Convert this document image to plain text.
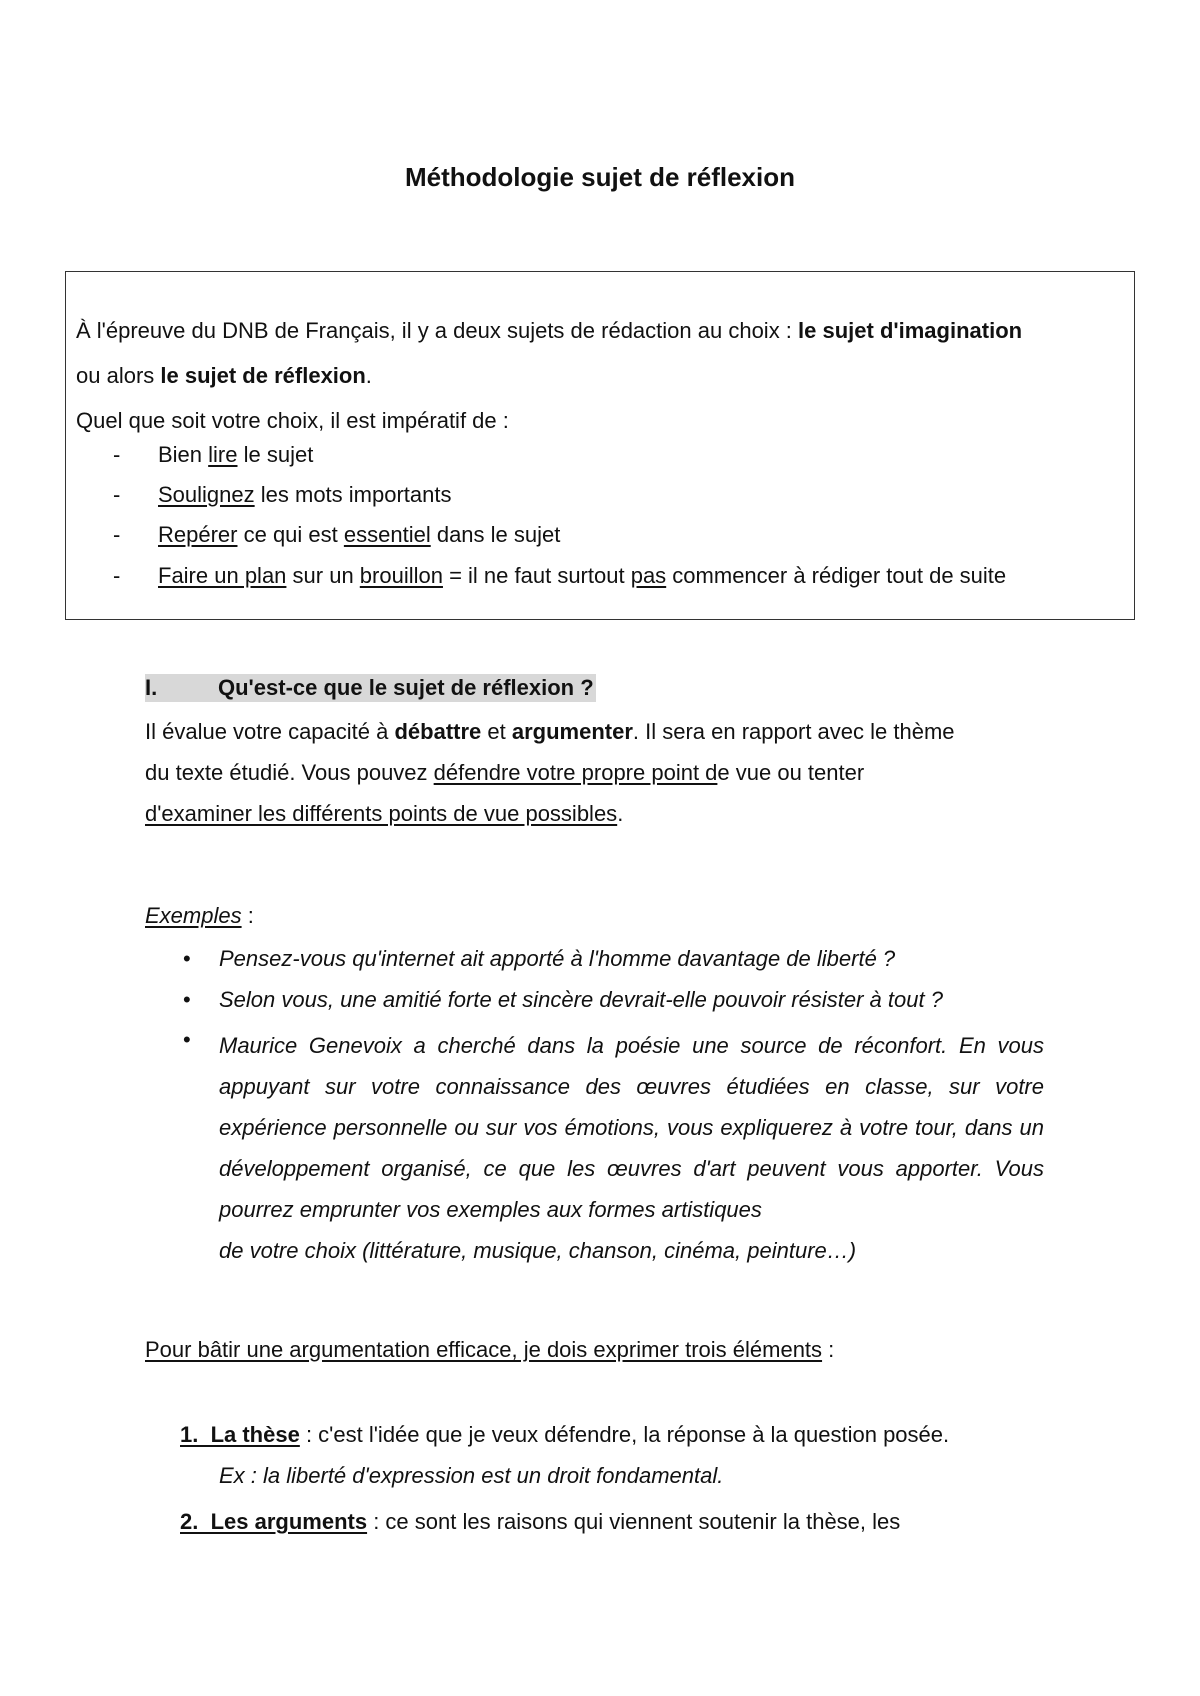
Méthodologie sujet de réflexion

À l'épreuve du DNB de Français, il y a deux sujets de rédaction au choix : le sujet d'imagination

ou alors le sujet de réflexion.

Quel que soit votre choix, il est impératif de :

-	Bien lire le sujet
-	Soulignez les mots importants
-	Repérer ce qui est essentiel dans le sujet
-	Faire un plan sur un brouillon = il ne faut surtout pas commencer à rédiger tout de suite
I.	Qu'est-ce que le sujet de réflexion ?
Il évalue votre capacité à débattre et argumenter. Il sera en rapport avec le thème
du texte étudié. Vous pouvez défendre votre propre point de vue ou tenter
d'examiner les différents points de vue possibles.
Exemples :
• Pensez-vous qu'internet ait apporté à l'homme davantage de liberté ?
• Selon vous, une amitié forte et sincère devrait-elle pouvoir résister à tout ?
• Maurice Genevoix a cherché dans la poésie une source de réconfort. En vous appuyant sur votre connaissance des œuvres étudiées en classe, sur votre expérience personnelle ou sur vos émotions, vous expliquerez à votre tour, dans un développement organisé, ce que les œuvres d'art peuvent vous apporter. Vous pourrez emprunter vos exemples aux formes artistiques
de votre choix (littérature, musique, chanson, cinéma, peinture…)
Pour bâtir une argumentation efficace, je dois exprimer trois éléments :
1.  La thèse : c'est l'idée que je veux défendre, la réponse à la question posée.
Ex : la liberté d'expression est un droit fondamental.
2.  Les arguments : ce sont les raisons qui viennent soutenir la thèse, les
